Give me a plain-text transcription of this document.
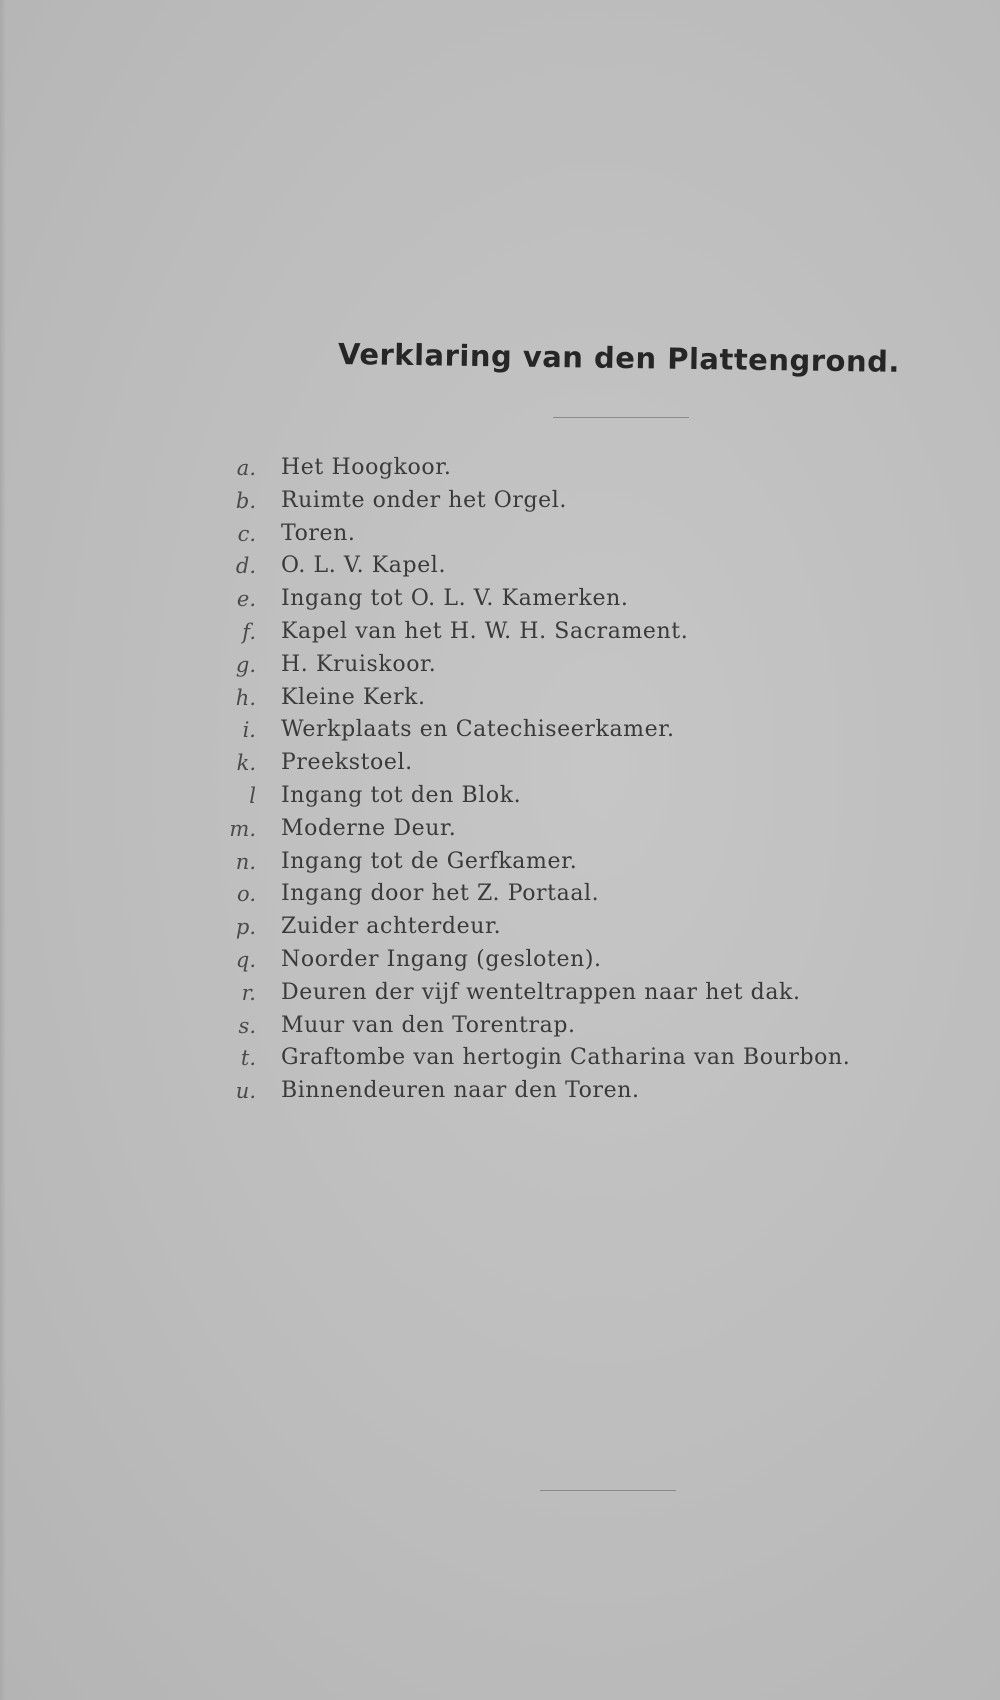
Verklaring van den Plattengrond.
a. Het Hoogkoor.
b. Ruimte onder het Orgel.
c. Toren.
d. O. L. V. Kapel.
e. Ingang tot O. L. V. Kamerken.
f. Kapel van het H. W. H. Sacrament.
g. H. Kruiskoor.
h. Kleine Kerk.
i. Werkplaats en Catechiseerkamer.
k. Preekstoel.
l Ingang tot den Blok.
m. Moderne Deur.
n. Ingang tot de Gerfkamer.
o. Ingang door het Z. Portaal.
p. Zuider achterdeur.
q. Noorder Ingang (gesloten).
r. Deuren der vijf wenteltrappen naar het dak.
s. Muur van den Torentrap.
t. Graftombe van hertogin Catharina van Bourbon.
u. Binnendeuren naar den Toren.
